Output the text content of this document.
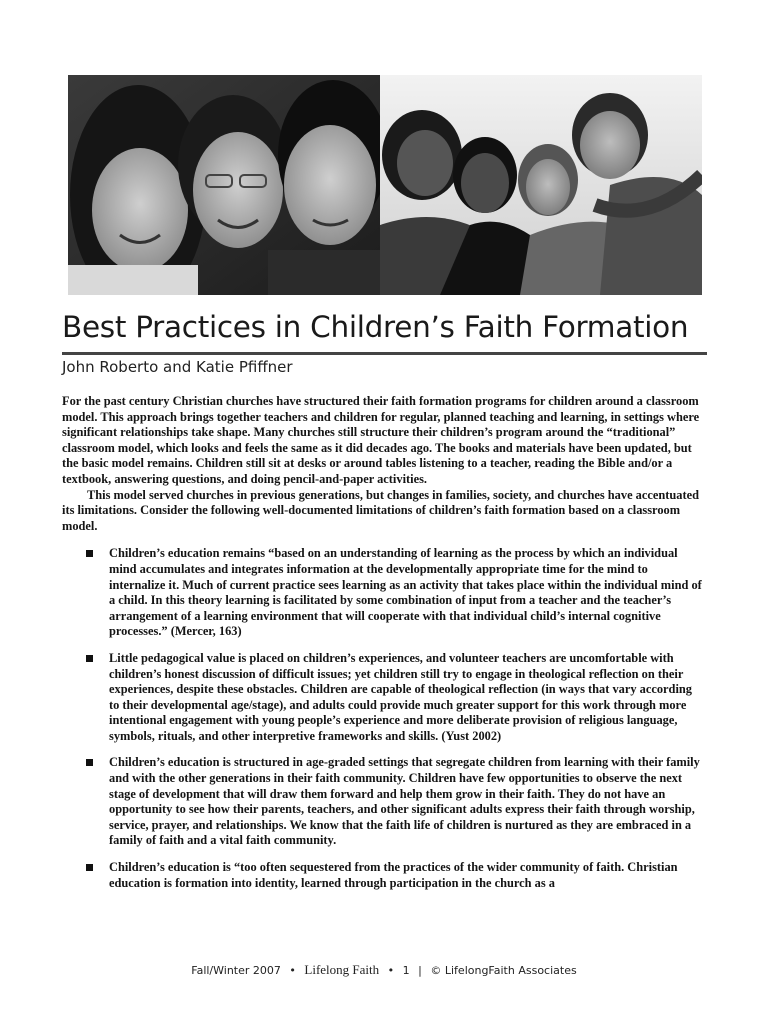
Best Practices in Children’s Faith Formation
John Roberto and Katie Pfiffner

For the past century Christian churches have structured their faith formation programs for children around a classroom model. This approach brings together teachers and children for regular, planned teaching and learning, in settings where significant relationships take shape. Many churches still structure their children’s program around the “traditional” classroom model, which looks and feels the same as it did decades ago. The books and materials have been updated, but the basic model remains. Children still sit at desks or around tables listening to a teacher, reading the Bible and/or a textbook, answering questions, and doing pencil-and-paper activities.

This model served churches in previous generations, but changes in families, society, and churches have accentuated its limitations. Consider the following well-documented limitations of children’s faith formation based on a classroom model.

Children’s education remains “based on an understanding of learning as the process by which an individual mind accumulates and integrates information at the developmentally appropriate time for the mind to internalize it. Much of current practice sees learning as an activity that takes place within the individual mind of a child. In this theory learning is facilitated by some combination of input from a teacher and the teacher’s arrangement of a learning environment that will cooperate with that individual child’s internal cognitive processes.” (Mercer, 163)
Little pedagogical value is placed on children’s experiences, and volunteer teachers are uncomfortable with children’s honest discussion of difficult issues; yet children still try to engage in theological reflection on their experiences, despite these obstacles. Children are capable of theological reflection (in ways that vary according to their developmental age/stage), and adults could provide much greater support for this work through more intentional engagement with young people’s experience and more deliberate provision of religious language, symbols, rituals, and other interpretive frameworks and skills. (Yust 2002)
Children’s education is structured in age-graded settings that segregate children from learning with their family and with the other generations in their faith community. Children have few opportunities to observe the next stage of development that will draw them forward and help them grow in their faith. They do not have an opportunity to see how their parents, teachers, and other significant adults express their faith through worship, service, prayer, and relationships. We know that the faith life of children is nurtured as they are embraced in a family of faith and a vital faith community.
Children’s education is “too often sequestered from the practices of the wider community of faith. Christian education is formation into identity, learned through participation in the church as a
Fall/Winter 2007 • Lifelong Faith • 1 | © LifelongFaith Associates
